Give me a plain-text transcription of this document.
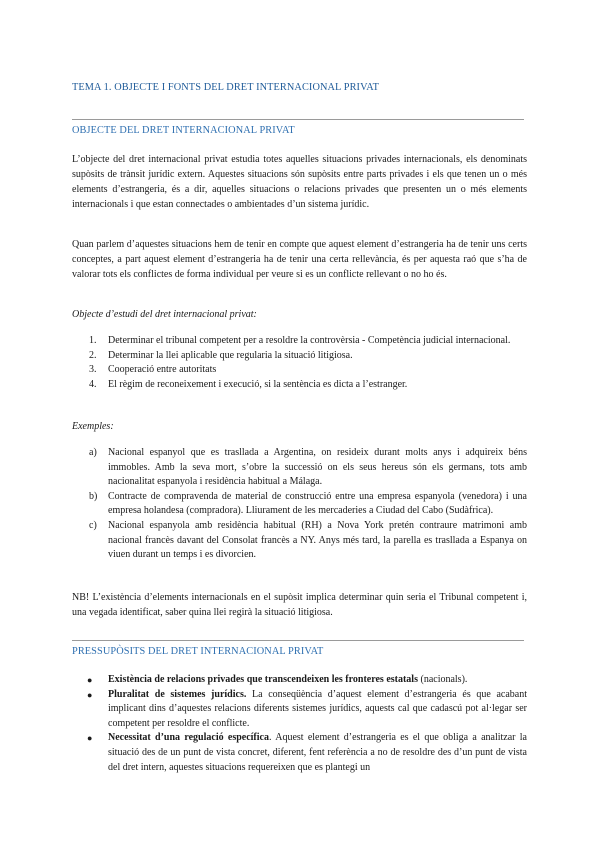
TEMA 1. OBJECTE I FONTS DEL DRET INTERNACIONAL PRIVAT
OBJECTE DEL DRET INTERNACIONAL PRIVAT

L’objecte del dret internacional privat estudia totes aquelles situacions privades internacionals, els denominats supòsits de trànsit jurídic extern. Aquestes situacions són supòsits entre parts privades i els que tenen un o més elements d’estrangeria, és a dir, aquelles situacions o relacions privades que presenten un o més elements internacionals i que estan connectades o ambientades d’un sistema jurídic.

Quan parlem d’aquestes situacions hem de tenir en compte que aquest element d’estrangeria ha de tenir uns certs conceptes, a part aquest element d’estrangeria ha de tenir una certa rellevància, és per aquesta raó que s’ha de valorar tots els conflictes de forma individual per veure si es un conflicte rellevant o no ho és.

Objecte d’estudi del dret internacional privat:
1. Determinar el tribunal competent per a resoldre la controvèrsia - Competència judicial internacional.
2. Determinar la llei aplicable que regularia la situació litigiosa.
3. Cooperació entre autoritats
4. El règim de reconeixement i execució, si la sentència es dicta a l’estranger.
Exemples:
a) Nacional espanyol que es trasllada a Argentina, on resideix durant molts anys i adquireix béns immobles. Amb la seva mort, s’obre la successió on els seus hereus són els germans, tots amb nacionalitat espanyola i residència habitual a Málaga.
b) Contracte de compravenda de material de construcció entre una empresa espanyola (venedora) i una empresa holandesa (compradora). Lliurament de les mercaderies a Ciudad del Cabo (Sudàfrica).
c) Nacional espanyola amb residència habitual (RH) a Nova York pretén contraure matrimoni amb nacional francès davant del Consolat francès a NY. Anys més tard, la parella es trasllada a Espanya on viuen durant un temps i es divorcien.

NB! L’existència d’elements internacionals en el supòsit implica determinar quin seria el Tribunal competent i, una vegada identificat, saber quina llei regirà la situació litigiosa.

PRESSUPÒSITS DEL DRET INTERNACIONAL PRIVAT
● Existència de relacions privades que transcendeixen les fronteres estatals (nacionals).
● Pluralitat de sistemes jurídics. La conseqüència d’aquest element d’estrangeria és que acabant implicant dins d’aquestes relacions diferents sistemes jurídics, aquests cal que cadascú pot al·legar ser competent per resoldre el conflicte.
● Necessitat d’una regulació específica. Aquest element d’estrangeria es el que obliga a analitzar la situació des de un punt de vista concret, diferent, fent referència a no de resoldre des d’un punt de vista del dret intern, aquestes situacions requereixen que es plantegi un
